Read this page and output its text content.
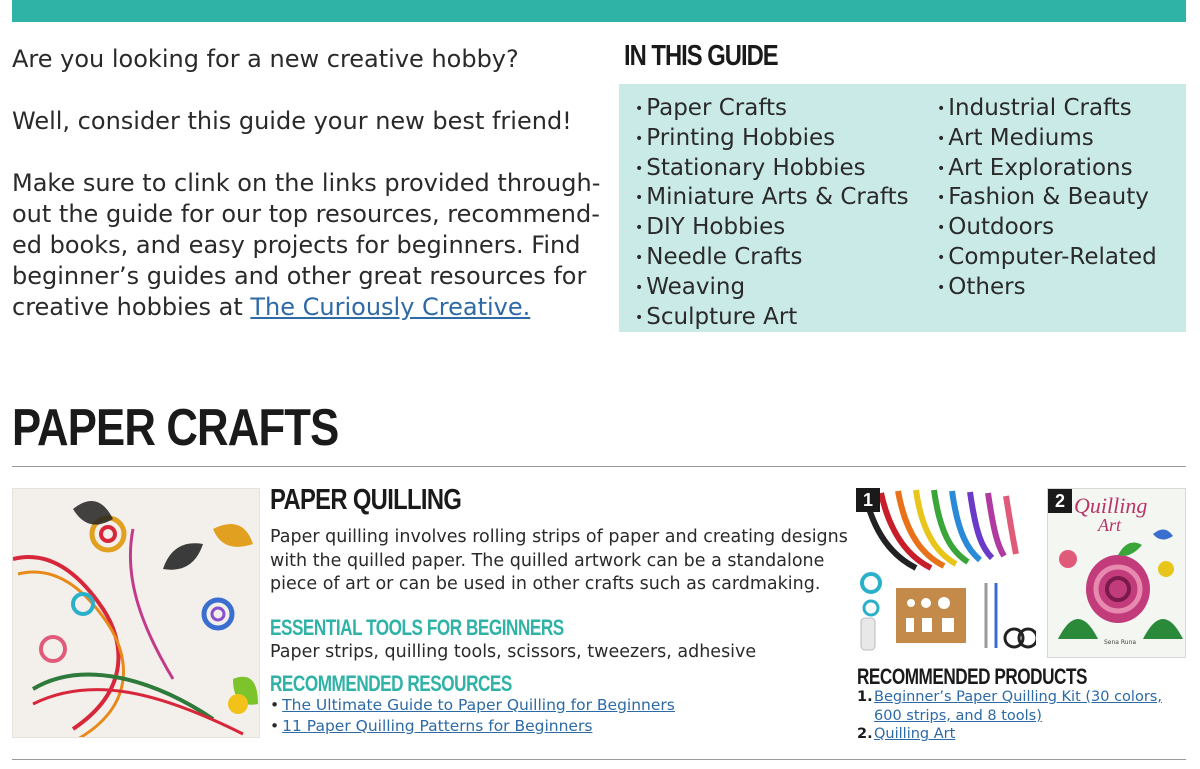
Are you looking for a new creative hobby?

Well, consider this guide your new best friend!

Make sure to clink on the links provided through-out the guide for our top resources, recommend-ed books, and easy projects for beginners. Find beginner’s guides and other great resources for creative hobbies at The Curiously Creative.

IN THIS GUIDE
• Paper Crafts
• Printing Hobbies
• Stationary Hobbies
• Miniature Arts & Crafts
• DIY Hobbies
• Needle Crafts
• Weaving
• Sculpture Art
• Industrial Crafts
• Art Mediums
• Art Explorations
• Fashion & Beauty
• Outdoors
• Computer-Related
• Others
PAPER CRAFTS
PAPER QUILLING

Paper quilling involves rolling strips of paper and creating designs with the quilled paper. The quilled artwork can be a standalone piece of art or can be used in other crafts such as cardmaking.

ESSENTIAL TOOLS FOR BEGINNERS

Paper strips, quilling tools, scissors, tweezers, adhesive

RECOMMENDED RESOURCES
• The Ultimate Guide to Paper Quilling for Beginners
• 11 Paper Quilling Patterns for Beginners
1	Quilling
Art
Sena Runa
2
RECOMMENDED PRODUCTS
1. Beginner’s Paper Quilling Kit (30 colors, 600 strips, and 8 tools)
2. Quilling Art
